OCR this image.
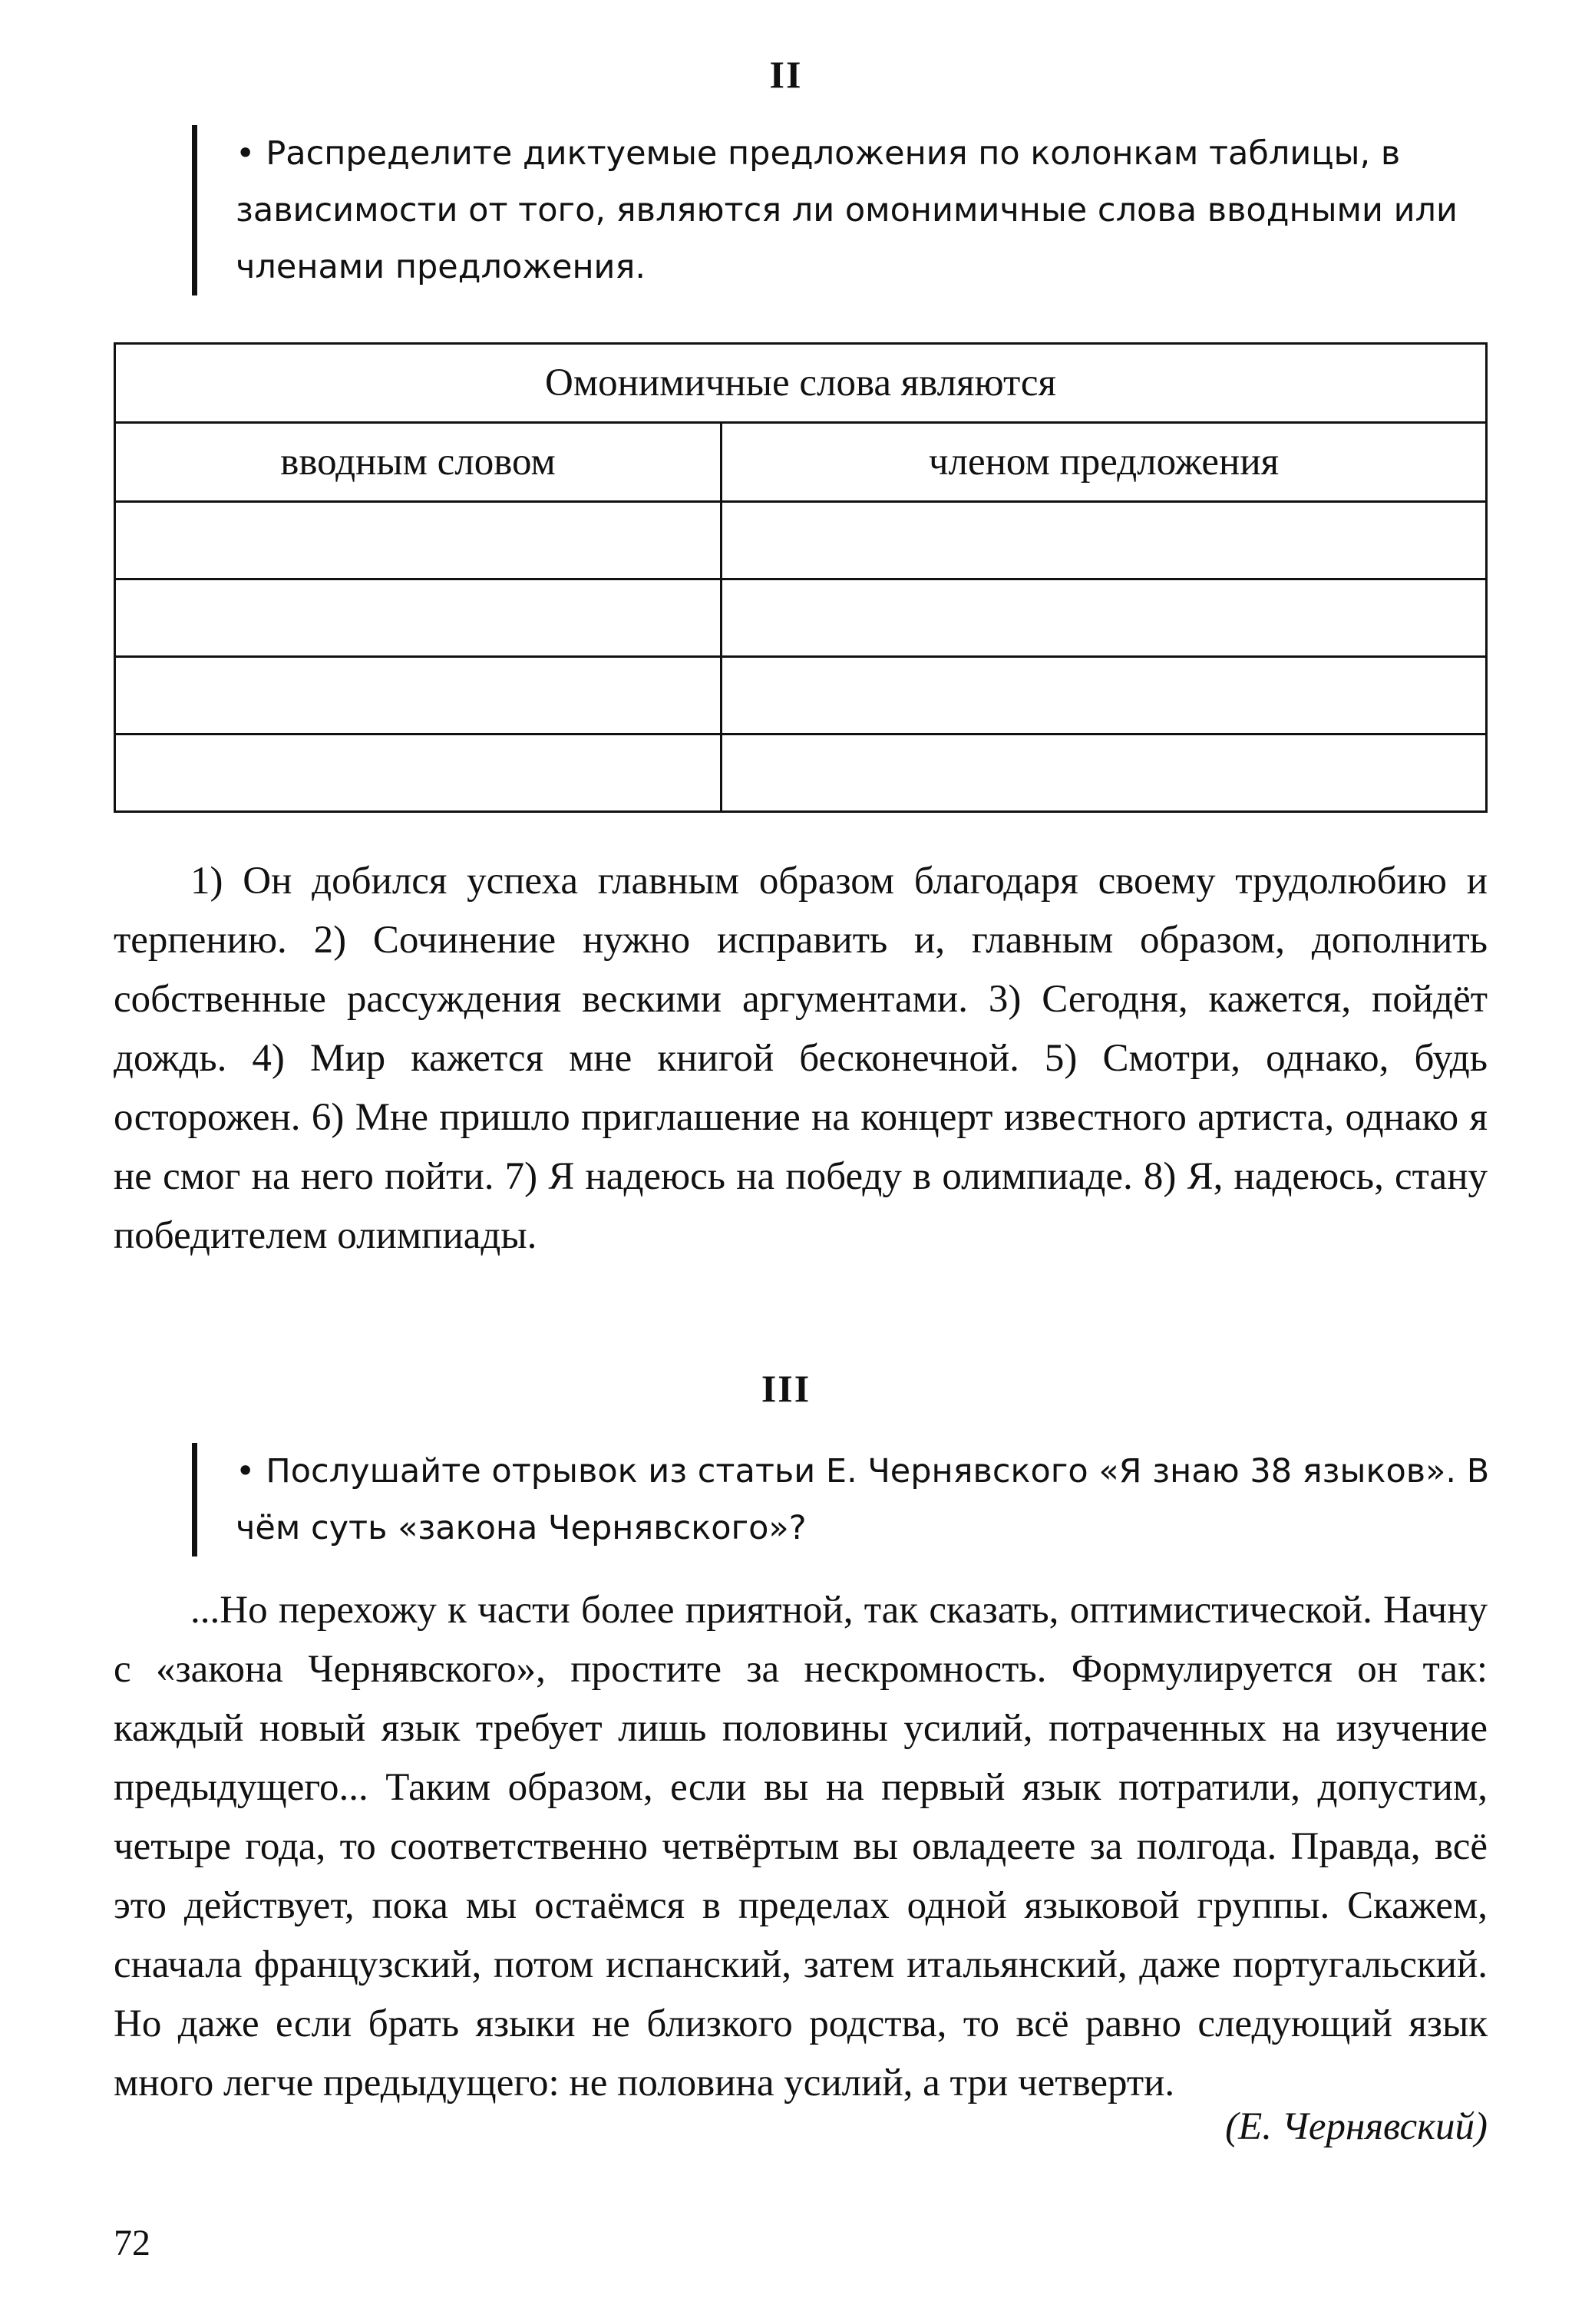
II
• Распределите диктуемые предложения по колонкам таблицы, в зависимости от того, являются ли омонимичные слова вводными или членами предложения.
Омонимичные слова являются	
вводным словом	членом предложения

1) Он добился успеха главным образом благодаря своему трудолюбию и терпению. 2) Сочинение нужно исправить и, главным образом, дополнить собственные рассуждения вескими аргументами. 3) Сегодня, кажется, пойдёт дождь. 4) Мир кажется мне книгой бесконечной. 5) Смотри, однако, будь осторожен. 6) Мне пришло приглашение на концерт известного артиста, однако я не смог на него пойти. 7) Я надеюсь на победу в олимпиаде. 8) Я, надеюсь, стану победителем олимпиады.
III
• Послушайте отрывок из статьи Е. Чернявского «Я знаю 38 языков». В чём суть «закона Чернявского»?
...Но перехожу к части более приятной, так сказать, оптимистической. Начну с «закона Чернявского», простите за нескромность. Формулируется он так: каждый новый язык требует лишь половины усилий, потраченных на изучение предыдущего... Таким образом, если вы на первый язык потратили, допустим, четыре года, то соответственно четвёртым вы овладеете за полгода. Правда, всё это действует, пока мы остаёмся в пределах одной языковой группы. Скажем, сначала французский, потом испанский, затем итальянский, даже португальский. Но даже если брать языки не близкого родства, то всё равно следующий язык много легче предыдущего: не половина усилий, а три четверти.
(Е. Чернявский)
72
